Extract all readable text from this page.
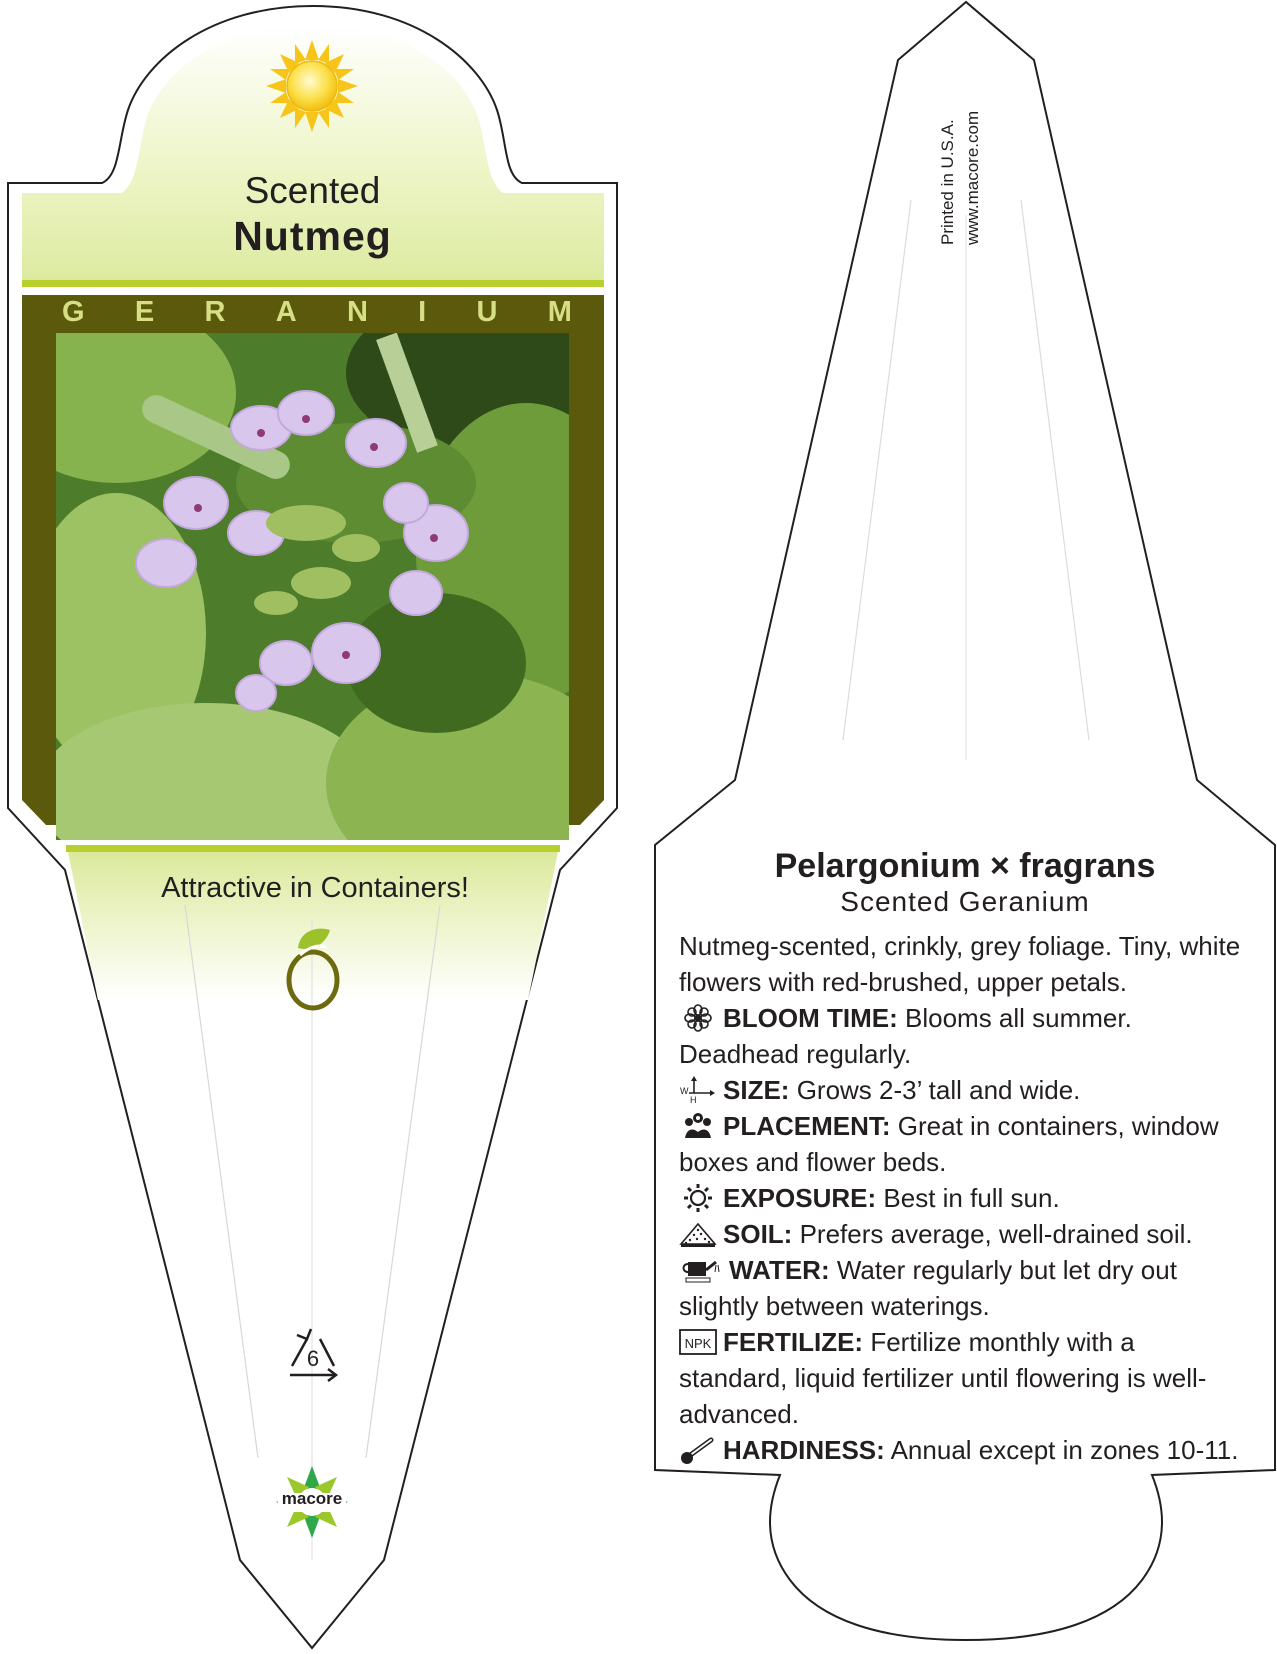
Scented
Nutmeg
G E R A N I U M
Attractive in Containers!
6
macore
Printed in U.S.A. www.macore.com
Pelargonium × fragrans
Scented Geranium
Nutmeg-scented, crinkly, grey foliage. Tiny, white flowers with red-brushed, upper petals.
BLOOM TIME: Blooms all summer. Deadhead regularly.
W
H SIZE: Grows 2-3’ tall and wide.
PLACEMENT: Great in containers, window boxes and flower beds.
EXPOSURE: Best in full sun.
SOIL: Prefers average, well-drained soil.
WATER: Water regularly but let dry out slightly between waterings.
NPK FERTILIZE: Fertilize monthly with a standard, liquid fertilizer until flowering is well-advanced.
HARDINESS: Annual except in zones 10-11.
